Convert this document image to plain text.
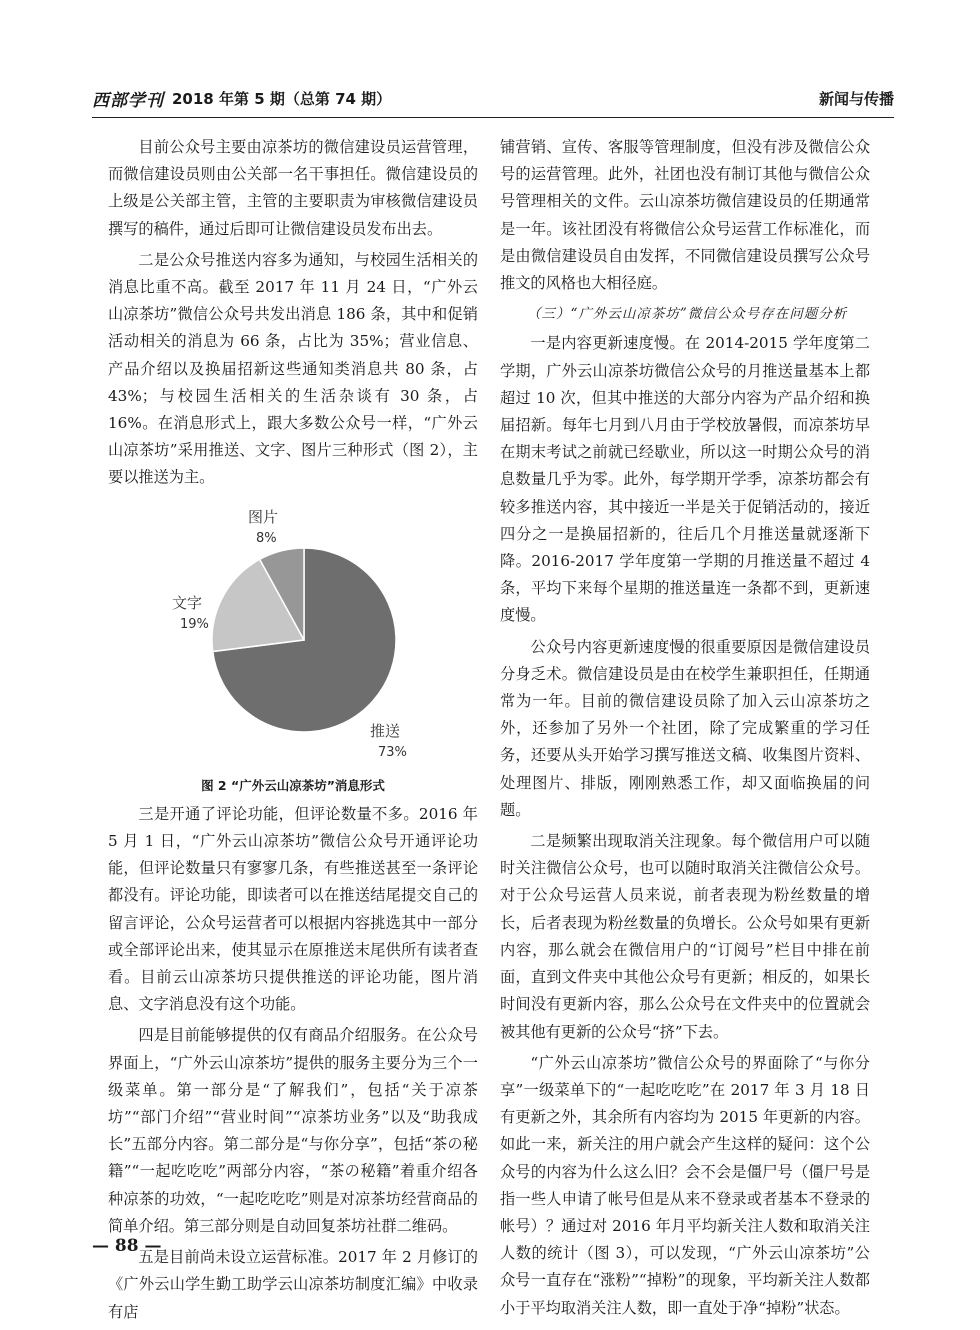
西部学刊 2018 年第 5 期（总第 74 期）	新闻与传播

目前公众号主要由凉茶坊的微信建设员运营管理，而微信建设员则由公关部一名干事担任。微信建设员的上级是公关部主管，主管的主要职责为审核微信建设员撰写的稿件，通过后即可让微信建设员发布出去。

二是公众号推送内容多为通知，与校园生活相关的消息比重不高。截至 2017 年 11 月 24 日，“广外云山凉茶坊”微信公众号共发出消息 186 条，其中和促销活动相关的消息为 66 条，占比为 35%；营业信息、产品介绍以及换届招新这些通知类消息共 80 条，占 43%；与校园生活相关的生活杂谈有 30 条，占 16%。在消息形式上，跟大多数公众号一样，“广外云山凉茶坊”采用推送、文字、图片三种形式（图 2），主要以推送为主。

推送
73%
文字
19%
图片
8%

图 2 “广外云山凉茶坊”消息形式

三是开通了评论功能，但评论数量不多。2016 年 5 月 1 日，“广外云山凉茶坊”微信公众号开通评论功能，但评论数量只有寥寥几条，有些推送甚至一条评论都没有。评论功能，即读者可以在推送结尾提交自己的留言评论，公众号运营者可以根据内容挑选其中一部分或全部评论出来，使其显示在原推送末尾供所有读者查看。目前云山凉茶坊只提供推送的评论功能，图片消息、文字消息没有这个功能。

四是目前能够提供的仅有商品介绍服务。在公众号界面上，“广外云山凉茶坊”提供的服务主要分为三个一级菜单。第一部分是“了解我们”，包括“关于凉茶坊”“部门介绍”“营业时间”“凉茶坊业务”以及“助我成长”五部分内容。第二部分是“与你分享”，包括“茶の秘籍”“一起吃吃吃”两部分内容，“茶の秘籍”着重介绍各种凉茶的功效，“一起吃吃吃”则是对凉茶坊经营商品的简单介绍。第三部分则是自动回复茶坊社群二维码。

五是目前尚未设立运营标准。2017 年 2 月修订的《广外云山学生勤工助学云山凉茶坊制度汇编》中收录有店

铺营销、宣传、客服等管理制度，但没有涉及微信公众号的运营管理。此外，社团也没有制订其他与微信公众号管理相关的文件。云山凉茶坊微信建设员的任期通常是一年。该社团没有将微信公众号运营工作标准化，而是由微信建设员自由发挥，不同微信建设员撰写公众号推文的风格也大相径庭。

（三）“广外云山凉茶坊”微信公众号存在问题分析

一是内容更新速度慢。在 2014-2015 学年度第二学期，广外云山凉茶坊微信公众号的月推送量基本上都超过 10 次，但其中推送的大部分内容为产品介绍和换届招新。每年七月到八月由于学校放暑假，而凉茶坊早在期末考试之前就已经歇业，所以这一时期公众号的消息数量几乎为零。此外，每学期开学季，凉茶坊都会有较多推送内容，其中接近一半是关于促销活动的，接近四分之一是换届招新的，往后几个月推送量就逐渐下降。2016-2017 学年度第一学期的月推送量不超过 4 条，平均下来每个星期的推送量连一条都不到，更新速度慢。

公众号内容更新速度慢的很重要原因是微信建设员分身乏术。微信建设员是由在校学生兼职担任，任期通常为一年。目前的微信建设员除了加入云山凉茶坊之外，还参加了另外一个社团，除了完成繁重的学习任务，还要从头开始学习撰写推送文稿、收集图片资料、处理图片、排版，刚刚熟悉工作，却又面临换届的问题。

二是频繁出现取消关注现象。每个微信用户可以随时关注微信公众号，也可以随时取消关注微信公众号。对于公众号运营人员来说，前者表现为粉丝数量的增长，后者表现为粉丝数量的负增长。公众号如果有更新内容，那么就会在微信用户的“订阅号”栏目中排在前面，直到文件夹中其他公众号有更新；相反的，如果长时间没有更新内容，那么公众号在文件夹中的位置就会被其他有更新的公众号“挤”下去。

“广外云山凉茶坊”微信公众号的界面除了“与你分享”一级菜单下的“一起吃吃吃”在 2017 年 3 月 18 日有更新之外，其余所有内容均为 2015 年更新的内容。如此一来，新关注的用户就会产生这样的疑问：这个公众号的内容为什么这么旧？会不会是僵尸号（僵尸号是指一些人申请了帐号但是从来不登录或者基本不登录的帐号）？通过对 2016 年月平均新关注人数和取消关注人数的统计（图 3），可以发现，“广外云山凉茶坊”公众号一直存在“涨粉”“掉粉”的现象，平均新关注人数都小于平均取消关注人数，即一直处于净“掉粉”状态。

— 88 —
